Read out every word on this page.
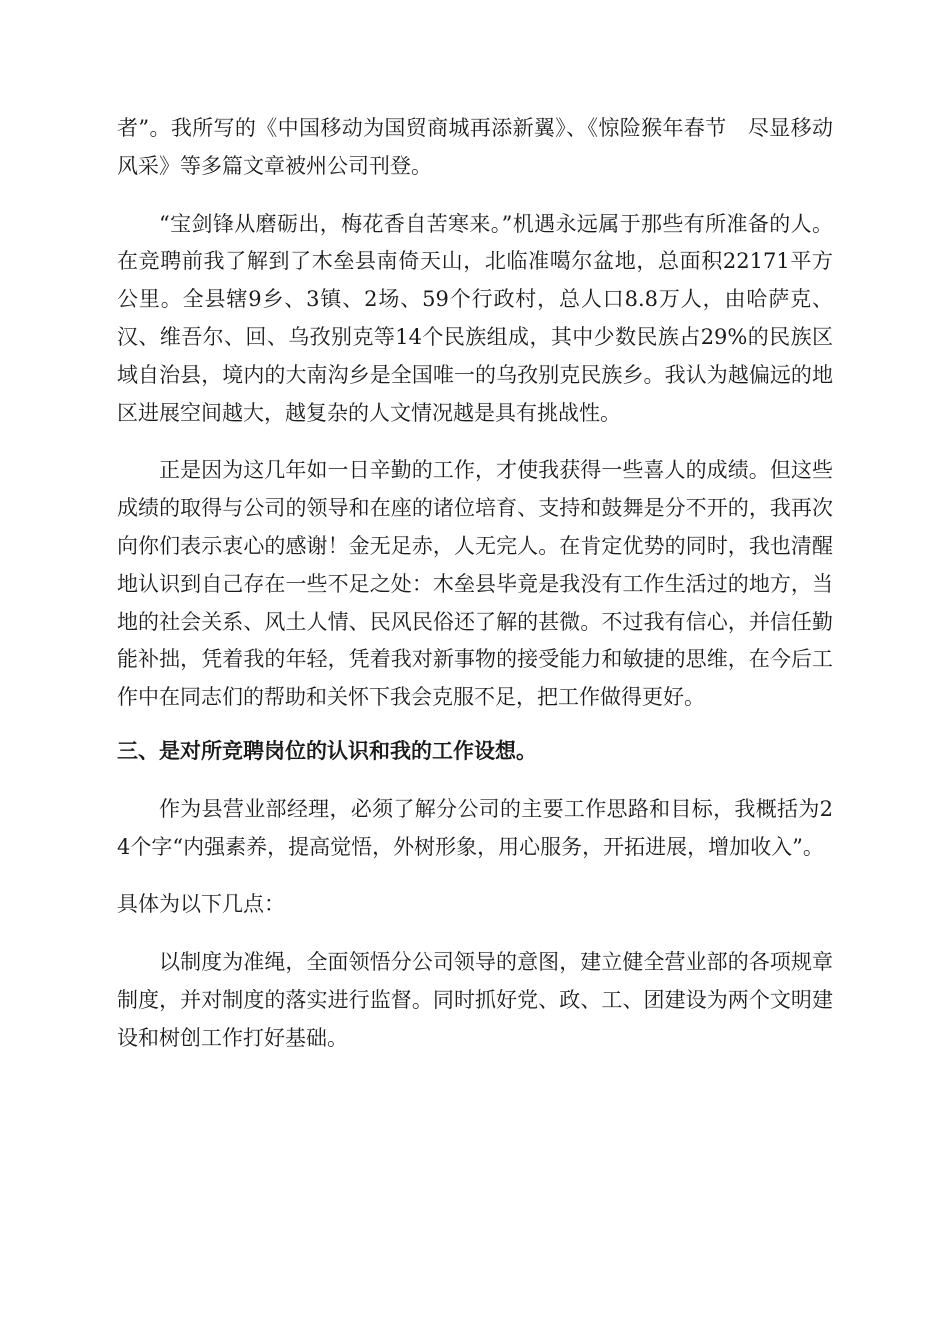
者”。我所写的《中国移动为国贸商城再添新翼》、《惊险猴年春节　尽显移动风采》等多篇文章被州公司刊登。

“宝剑锋从磨砺出，梅花香自苦寒来。”机遇永远属于那些有所准备的人。在竞聘前我了解到了木垒县南倚天山，北临准噶尔盆地，总面积22171平方公里。全县辖9乡、3镇、2场、59个行政村，总人口8.8万人，由哈萨克、汉、维吾尔、回、乌孜别克等14个民族组成，其中少数民族占29%的民族区域自治县，境内的大南沟乡是全国唯一的乌孜别克民族乡。我认为越偏远的地区进展空间越大，越复杂的人文情况越是具有挑战性。

正是因为这几年如一日辛勤的工作，才使我获得一些喜人的成绩。但这些成绩的取得与公司的领导和在座的诸位培育、支持和鼓舞是分不开的，我再次向你们表示衷心的感谢！金无足赤，人无完人。在肯定优势的同时，我也清醒地认识到自己存在一些不足之处：木垒县毕竟是我没有工作生活过的地方，当地的社会关系、风土人情、民风民俗还了解的甚微。不过我有信心，并信任勤能补拙，凭着我的年轻，凭着我对新事物的接受能力和敏捷的思维，在今后工作中在同志们的帮助和关怀下我会克服不足，把工作做得更好。

三、是对所竞聘岗位的认识和我的工作设想。

作为县营业部经理，必须了解分公司的主要工作思路和目标，我概括为24个字“内强素养，提高觉悟，外树形象，用心服务，开拓进展，增加收入”。

具体为以下几点：

以制度为准绳，全面领悟分公司领导的意图，建立健全营业部的各项规章制度，并对制度的落实进行监督。同时抓好党、政、工、团建设为两个文明建设和树创工作打好基础。
